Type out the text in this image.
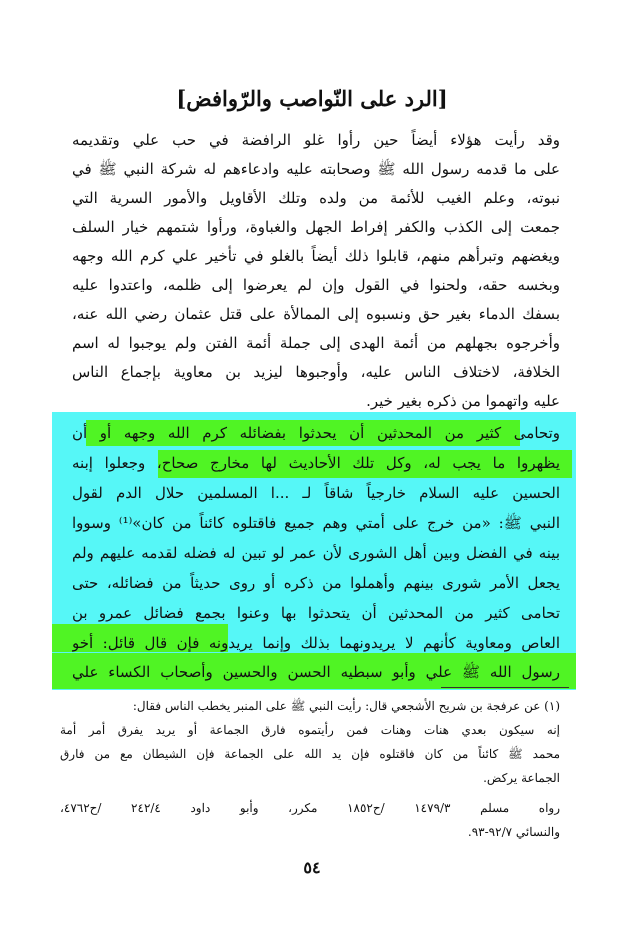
[الرد على النّواصب والرّوافض]
وقد رأيت هؤلاء أيضاً حين رأوا غلو الرافضة في حب علي وتقديمه
على ما قدمه رسول الله ﷺ وصحابته عليه وادعاءهم له شركة النبي ﷺ في
نبوته، وعلم الغيب للأئمة من ولده وتلك الأقاويل والأمور السرية التي
جمعت إلى الكذب والكفر إفراط الجهل والغباوة، ورأوا شتمهم خيار السلف
ويغضهم وتبرأهم منهم، قابلوا ذلك أيضاً بالغلو في تأخير علي كرم الله وجهه
وبخسه حقه، ولحنوا في القول وإن لم يعرضوا إلى ظلمه، واعتدوا عليه
بسفك الدماء بغير حق ونسبوه إلى الممالأة على قتل عثمان رضي الله عنه،
وأخرجوه بجهلهم من أئمة الهدى إلى جملة أئمة الفتن ولم يوجبوا له اسم
الخلافة، لاختلاف الناس عليه، وأوجبوها ليزيد بن معاوية بإجماع الناس
عليه واتهموا من ذكره بغير خير.
وتحامى كثير من المحدثين أن يحدثوا بفضائله كرم الله وجهه أو أن
يظهروا ما يجب له، وكل تلك الأحاديث لها مخارج صحاح، وجعلوا إبنه
الحسين عليه السلام خارجياً شاقاً لـ ...ا المسلمين حلال الدم لقول
النبي ﷺ: «من خرج على أمتي وهم جميع فاقتلوه كائناً من كان»⁽¹⁾ وسووا
بينه في الفضل وبين أهل الشورى لأن عمر لو تبين له فضله لقدمه عليهم ولم
يجعل الأمر شورى بينهم وأهملوا من ذكره أو روى حديثاً من فضائله، حتى
تحامى كثير من المحدثين أن يتحدثوا بها وعنوا بجمع فضائل عمرو بن
العاص ومعاوية كأنهم لا يريدونهما بذلك وإنما يريدونه فإن قال قائل: أخو
رسول الله ﷺ علي وأبو سبطيه الحسن والحسين وأصحاب الكساء علي
(١) عن عرفجة بن شريح الأشجعي قال: رأيت النبي ﷺ على المنبر يخطب الناس فقال:
إنه سيكون بعدي هنات وهنات فمن رأيتموه فارق الجماعة أو يريد يفرق أمر أمة
محمد ﷺ كائناً من كان فاقتلوه فإن يد الله على الجماعة فإن الشيطان مع من فارق
الجماعة يركض.
رواه مسلم ١٤٧٩/٣ /ح١٨٥٢ مكرر، وأبو داود ٢٤٢/٤ /ح٤٧٦٢،
والنسائي ٩٢/٧-٩٣.
٥٤
